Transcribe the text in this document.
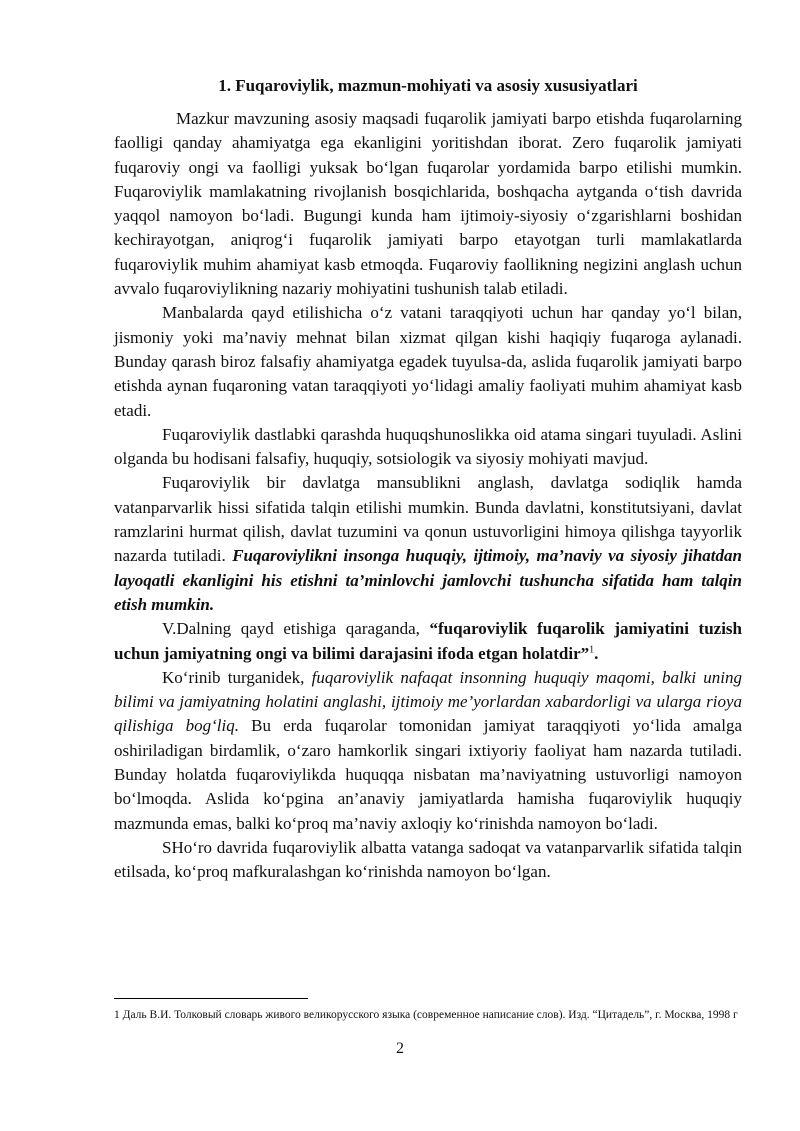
1. Fuqaroviylik, mazmun-mohiyati va asosiy xususiyatlari

Mazkur mavzuning asosiy maqsadi fuqarolik jamiyati barpo etishda fuqarolarning faolligi qanday ahamiyatga ega ekanligini yoritishdan iborat. Zero fuqarolik jamiyati fuqaroviy ongi va faolligi yuksak bo‘lgan fuqarolar yordamida barpo etilishi mumkin. Fuqaroviylik mamlakatning rivojlanish bosqichlarida, boshqacha aytganda o‘tish davrida yaqqol namoyon bo‘ladi. Bugungi kunda ham ijtimoiy-siyosiy o‘zgarishlarni boshidan kechirayotgan, aniqrog‘i fuqarolik jamiyati barpo etayotgan turli mamlakatlarda fuqaroviylik muhim ahamiyat kasb etmoqda. Fuqaroviy faollikning negizini anglash uchun avvalo fuqaroviylikning nazariy mohiyatini tushunish talab etiladi.

Manbalarda qayd etilishicha o‘z vatani taraqqiyoti uchun har qanday yo‘l bilan, jismoniy yoki ma’naviy mehnat bilan xizmat qilgan kishi haqiqiy fuqaroga aylanadi. Bunday qarash biroz falsafiy ahamiyatga egadek tuyulsa-da, aslida fuqarolik jamiyati barpo etishda aynan fuqaroning vatan taraqqiyoti yo‘lidagi amaliy faoliyati muhim ahamiyat kasb etadi.

Fuqaroviylik dastlabki qarashda huquqshunoslikka oid atama singari tuyuladi. Aslini olganda bu hodisani falsafiy, huquqiy, sotsiologik va siyosiy mohiyati mavjud.

Fuqaroviylik bir davlatga mansublikni anglash, davlatga sodiqlik hamda vatanparvarlik hissi sifatida talqin etilishi mumkin. Bunda davlatni, konstitutsiyani, davlat ramzlarini hurmat qilish, davlat tuzumini va qonun ustuvorligini himoya qilishga tayyorlik nazarda tutiladi. Fuqaroviylikni insonga huquqiy, ijtimoiy, ma’naviy va siyosiy jihatdan layoqatli ekanligini his etishni ta’minlovchi jamlovchi tushuncha sifatida ham talqin etish mumkin.

V.Dalning qayd etishiga qaraganda, “fuqaroviylik fuqarolik jamiyatini tuzish uchun jamiyatning ongi va bilimi darajasini ifoda etgan holatdir”$^1$.

Ko‘rinib turganidek, fuqaroviylik nafaqat insonning huquqiy maqomi, balki uning bilimi va jamiyatning holatini anglashi, ijtimoiy me’yorlardan xabardorligi va ularga rioya qilishiga bog‘liq. Bu erda fuqarolar tomonidan jamiyat taraqqiyoti yo‘lida amalga oshiriladigan birdamlik, o‘zaro hamkorlik singari ixtiyoriy faoliyat ham nazarda tutiladi. Bunday holatda fuqaroviylikda huquqqa nisbatan ma’naviyatning ustuvorligi namoyon bo‘lmoqda. Aslida ko‘pgina an’anaviy jamiyatlarda hamisha fuqaroviylik huquqiy mazmunda emas, balki ko‘proq ma’naviy axloqiy ko‘rinishda namoyon bo‘ladi.

SHo‘ro davrida fuqaroviylik albatta vatanga sadoqat va vatanparvarlik sifatida talqin etilsada, ko‘proq mafkuralashgan ko‘rinishda namoyon bo‘lgan.

1 Даль В.И. Толковый словарь живого великорусского языка (современное написание слов). Изд. “Цитадель”, г. Москва, 1998 г

2
